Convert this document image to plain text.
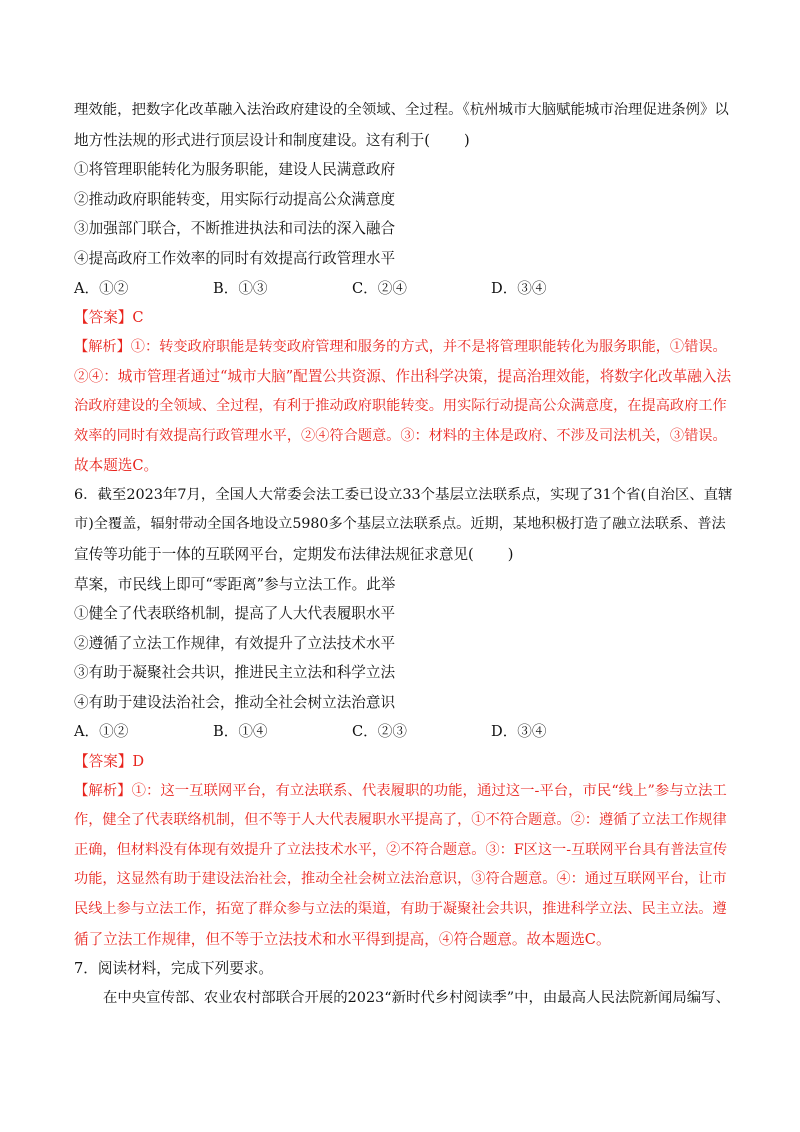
理效能，把数字化改革融入法治政府建设的全领域、全过程。《杭州城市大脑赋能城市治理促进条例》以
地方性法规的形式进行顶层设计和制度建设。这有利于( )
①将管理职能转化为服务职能，建设人民满意政府
②推动政府职能转变，用实际行动提高公众满意度
③加强部门联合，不断推进执法和司法的深入融合
④提高政府工作效率的同时有效提高行政管理水平
A．①②	B．①③	C．②④	D．③④
【答案】C
【解析】①：转变政府职能是转变政府管理和服务的方式，并不是将管理职能转化为服务职能，①错误。
②④：城市管理者通过“城市大脑”配置公共资源、作出科学决策，提高治理效能，将数字化改革融入法
治政府建设的全领域、全过程，有利于推动政府职能转变。用实际行动提高公众满意度，在提高政府工作
效率的同时有效提高行政管理水平，②④符合题意。③：材料的主体是政府、不涉及司法机关，③错误。
故本题选C。
6．截至2023年7月，全国人大常委会法工委已设立33个基层立法联系点，实现了31个省(自治区、直辖
市)全覆盖，辐射带动全国各地设立5980多个基层立法联系点。近期，某地积极打造了融立法联系、普法
宣传等功能于一体的互联网平台，定期发布法律法规征求意见( )
草案，市民线上即可“零距离”参与立法工作。此举
①健全了代表联络机制，提高了人大代表履职水平
②遵循了立法工作规律，有效提升了立法技术水平
③有助于凝聚社会共识，推进民主立法和科学立法
④有助于建设法治社会，推动全社会树立法治意识
A．①②	B．①④	C．②③	D．③④
【答案】D
【解析】①：这一互联网平台，有立法联系、代表履职的功能，通过这一-平台，市民“线上”参与立法工
作，健全了代表联络机制，但不等于人大代表履职水平提高了，①不符合题意。②：遵循了立法工作规律
正确，但材料没有体现有效提升了立法技术水平，②不符合题意。③：F区这一-互联网平台具有普法宣传
功能，这显然有助于建设法治社会，推动全社会树立法治意识，③符合题意。④：通过互联网平台，让市
民线上参与立法工作，拓宽了群众参与立法的渠道，有助于凝聚社会共识，推进科学立法、民主立法。遵
循了立法工作规律，但不等于立法技术和水平得到提高，④符合题意。故本题选C。
7．阅读材料，完成下列要求。
在中央宣传部、农业农村部联合开展的2023“新时代乡村阅读季”中，由最高人民法院新闻局编写、
